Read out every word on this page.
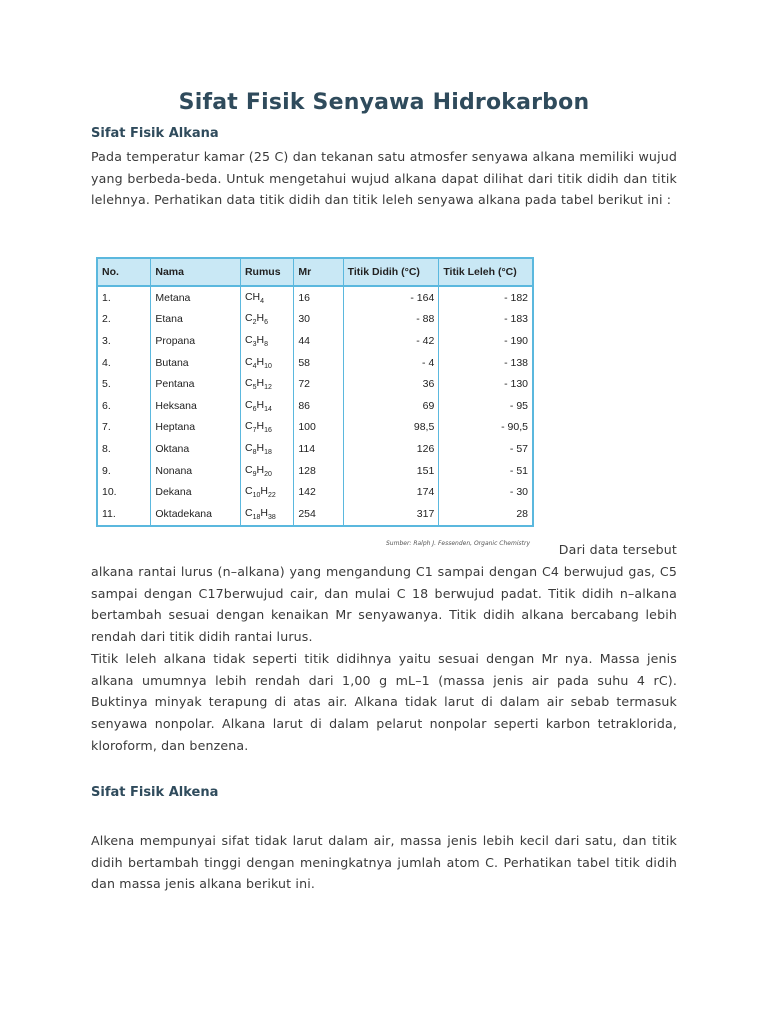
Sifat Fisik Senyawa Hidrokarbon

Sifat Fisik Alkana

Pada temperatur kamar (25 C) dan tekanan satu atmosfer senyawa alkana memiliki wujud yang berbeda-beda. Untuk mengetahui wujud alkana dapat dilihat dari titik didih dan titik lelehnya. Perhatikan data titik didih dan titik leleh senyawa alkana pada tabel berikut ini :

No.	Nama	Rumus	Mr	Titik Didih (°C)	Titik Leleh (°C)
1.	Metana	$CH_4$	16	- 164	- 182
2.	Etana	$C_2H_6$	30	- 88	- 183
3.	Propana	$C_3H_8$	44	- 42	- 190
4.	Butana	$C_4H_{10}$	58	- 4	- 138
5.	Pentana	$C_5H_{12}$	72	36	- 130
6.	Heksana	$C_6H_{14}$	86	69	- 95
7.	Heptana	$C_7H_{16}$	100	98,5	- 90,5
8.	Oktana	$C_8H_{18}$	114	126	- 57
9.	Nonana	$C_9H_{20}$	128	151	- 51
10.	Dekana	$C_{10}H_{22}$	142	174	- 30
11.	Oktadekana	$C_{18}H_{38}$	254	317	28
Sumber: Ralph J. Fessenden, Organic Chemistry	Dari data tersebut

alkana rantai lurus (n–alkana) yang mengandung C1 sampai dengan C4 berwujud gas, C5 sampai dengan C17berwujud cair, dan mulai C 18 berwujud padat. Titik didih n–alkana bertambah sesuai dengan kenaikan Mr senyawanya. Titik didih alkana bercabang lebih rendah dari titik didih rantai lurus.

Titik leleh alkana tidak seperti titik didihnya yaitu sesuai dengan Mr nya. Massa jenis alkana umumnya lebih rendah dari 1,00 g mL–1 (massa jenis air pada suhu 4 rC). Buktinya minyak terapung di atas air. Alkana tidak larut di dalam air sebab termasuk senyawa nonpolar. Alkana larut di dalam pelarut nonpolar seperti karbon tetraklorida, kloroform, dan benzena.

Sifat Fisik Alkena

Alkena mempunyai sifat tidak larut dalam air, massa jenis lebih kecil dari satu, dan titik didih bertambah tinggi dengan meningkatnya jumlah atom C. Perhatikan tabel titik didih dan massa jenis alkana berikut ini.
